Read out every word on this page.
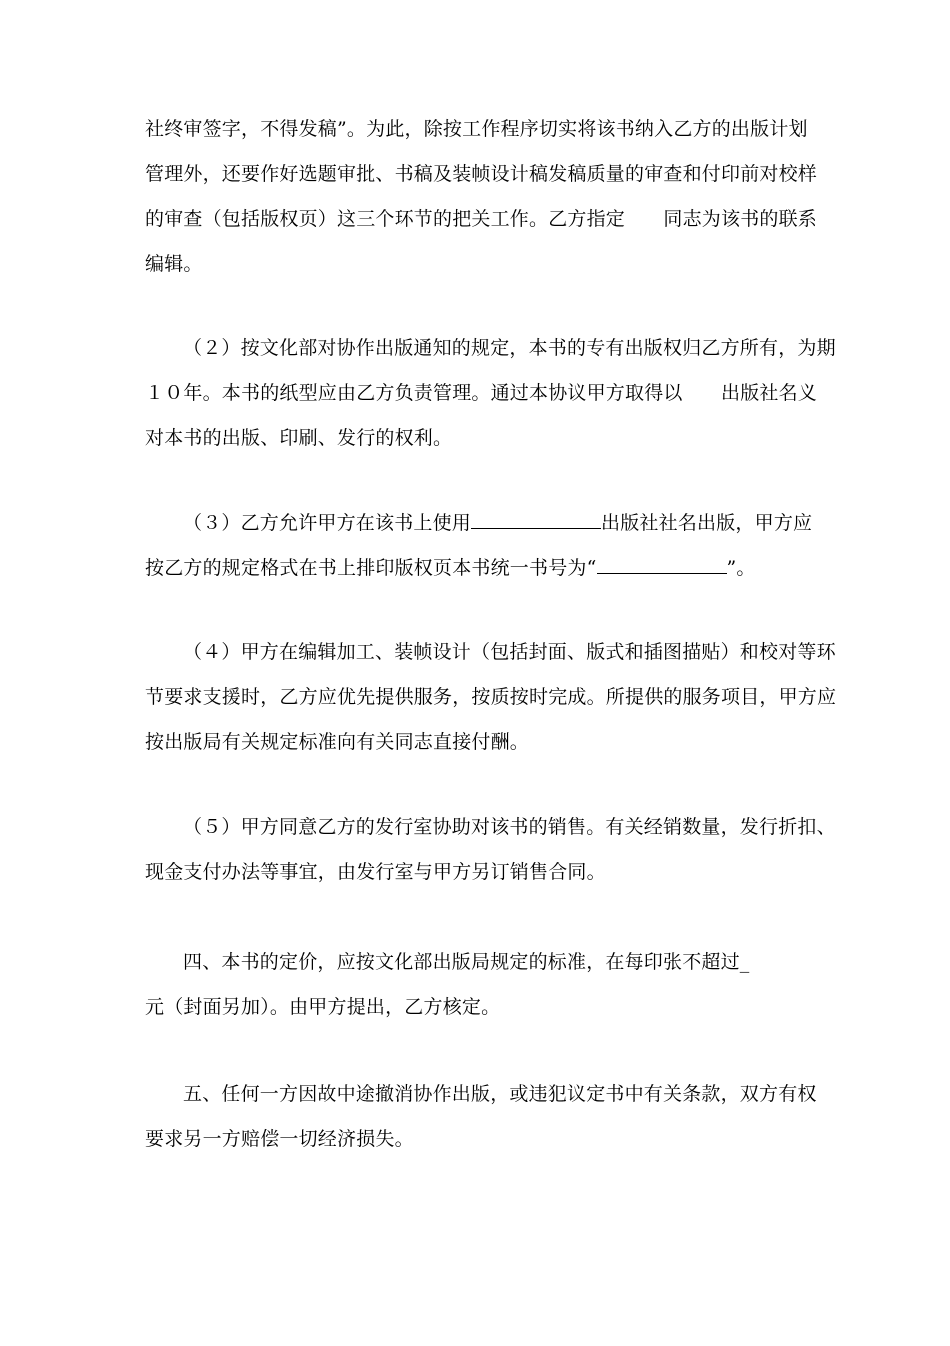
社终审签字，不得发稿”。为此，除按工作程序切实将该书纳入乙方的出版计划
管理外，还要作好选题审批、书稿及装帧设计稿发稿质量的审查和付印前对校样
的审查（包括版权页）这三个环节的把关工作。乙方指定　　同志为该书的联系
编辑。
（２）按文化部对协作出版通知的规定，本书的专有出版权归乙方所有，为期
１０年。本书的纸型应由乙方负责管理。通过本协议甲方取得以　　出版社名义
对本书的出版、印刷、发行的权利。
（３）乙方允许甲方在该书上使用	出版社社名出版，甲方应
按乙方的规定格式在书上排印版权页本书统一书号为“	”。
（４）甲方在编辑加工、装帧设计（包括封面、版式和插图描贴）和校对等环
节要求支援时，乙方应优先提供服务，按质按时完成。所提供的服务项目，甲方应
按出版局有关规定标准向有关同志直接付酬。
（５）甲方同意乙方的发行室协助对该书的销售。有关经销数量，发行折扣、
现金支付办法等事宜，由发行室与甲方另订销售合同。
四、本书的定价，应按文化部出版局规定的标准，在每印张不超过_
元（封面另加）。由甲方提出，乙方核定。
五、任何一方因故中途撤消协作出版，或违犯议定书中有关条款，双方有权
要求另一方赔偿一切经济损失。
